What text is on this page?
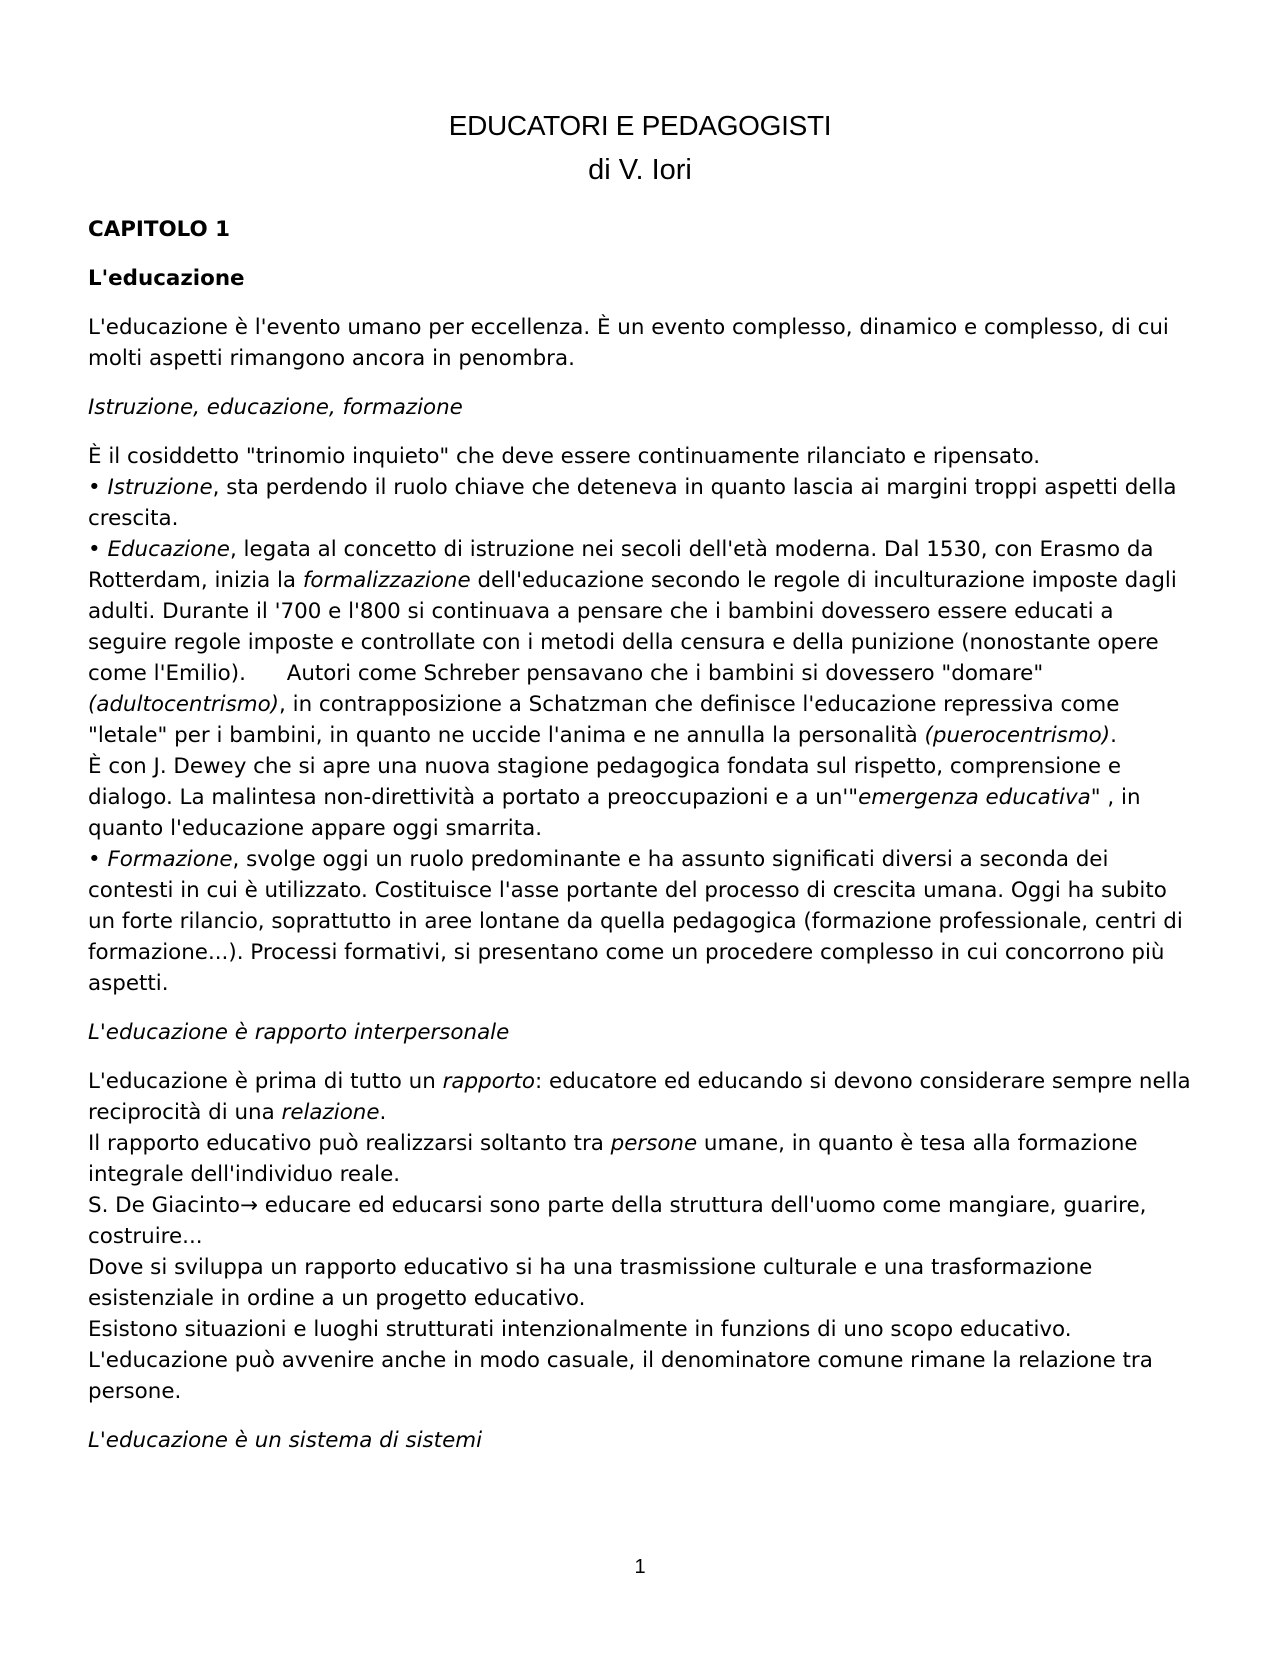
EDUCATORI E PEDAGOGISTI
di V. Iori
CAPITOLO 1
L'educazione

L'educazione è l'evento umano per eccellenza. È un evento complesso, dinamico e complesso, di cui molti aspetti rimangono ancora in penombra.

Istruzione, educazione, formazione

È il cosiddetto "trinomio inquieto" che deve essere continuamente rilanciato e ripensato.
• Istruzione, sta perdendo il ruolo chiave che deteneva in quanto lascia ai margini troppi aspetti della crescita.
• Educazione, legata al concetto di istruzione nei secoli dell'età moderna. Dal 1530, con Erasmo da Rotterdam, inizia la formalizzazione dell'educazione secondo le regole di inculturazione imposte dagli adulti. Durante il '700 e l'800 si continuava a pensare che i bambini dovessero essere educati a seguire regole imposte e controllate con i metodi della censura e della punizione (nonostante opere come l'Emilio). Autori come Schreber pensavano che i bambini si dovessero "domare" (adultocentrismo), in contrapposizione a Schatzman che definisce l'educazione repressiva come "letale" per i bambini, in quanto ne uccide l'anima e ne annulla la personalità (puerocentrismo).
È con J. Dewey che si apre una nuova stagione pedagogica fondata sul rispetto, comprensione e dialogo. La malintesa non-direttività a portato a preoccupazioni e a un'"emergenza educativa" , in quanto l'educazione appare oggi smarrita.
• Formazione, svolge oggi un ruolo predominante e ha assunto significati diversi a seconda dei contesti in cui è utilizzato. Costituisce l'asse portante del processo di crescita umana. Oggi ha subito un forte rilancio, soprattutto in aree lontane da quella pedagogica (formazione professionale, centri di formazione...). Processi formativi, si presentano come un procedere complesso in cui concorrono più aspetti.

L'educazione è rapporto interpersonale

L'educazione è prima di tutto un rapporto: educatore ed educando si devono considerare sempre nella reciprocità di una relazione.
Il rapporto educativo può realizzarsi soltanto tra persone umane, in quanto è tesa alla formazione integrale dell'individuo reale.
S. De Giacinto→ educare ed educarsi sono parte della struttura dell'uomo come mangiare, guarire, costruire...
Dove si sviluppa un rapporto educativo si ha una trasmissione culturale e una trasformazione esistenziale in ordine a un progetto educativo.
Esistono situazioni e luoghi strutturati intenzionalmente in funzions di uno scopo educativo.
L'educazione può avvenire anche in modo casuale, il denominatore comune rimane la relazione tra persone.

L'educazione è un sistema di sistemi
1
